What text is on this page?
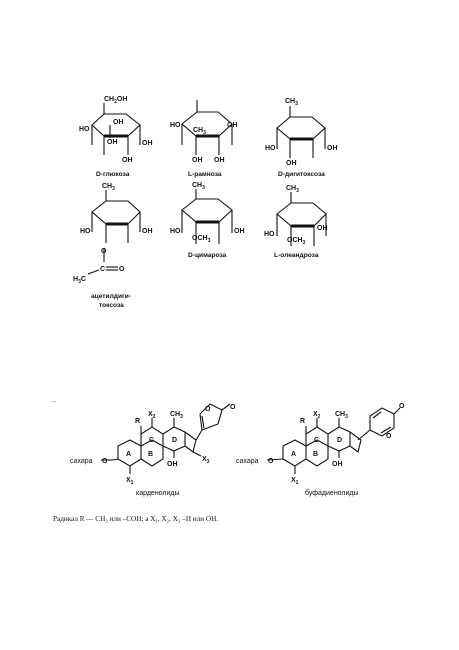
$CH_2OH$
OH
HO
OH	OH
OH
D-глюкоза
HO
$CH_3$
OH
OH OH
L-рамноза
$CH_3$
HO	OH
OH
D-дигитоксоза
$CH_3$
HO	OH
O
C O
$H_3C$
ацетилдиги-
токсоза
$CH_3$
HO	OH
$OCH_3$
D-цимароза
$CH_3$
HO
OH
$OCH_3$
L-олеандроза
..
сахара O
R
$X_2$ $CH_3$
$X_1$
OH
$X_3$
A B
C	D
O	O
карденолиды
сахара O
R
$X_2$ $CH_3$
$X_1$
OH
A B
C	D
O
O
буфадиенолиды
Радикал R — CH₃ или –COH; а X₁, X₂, X₃ –H или OH.
